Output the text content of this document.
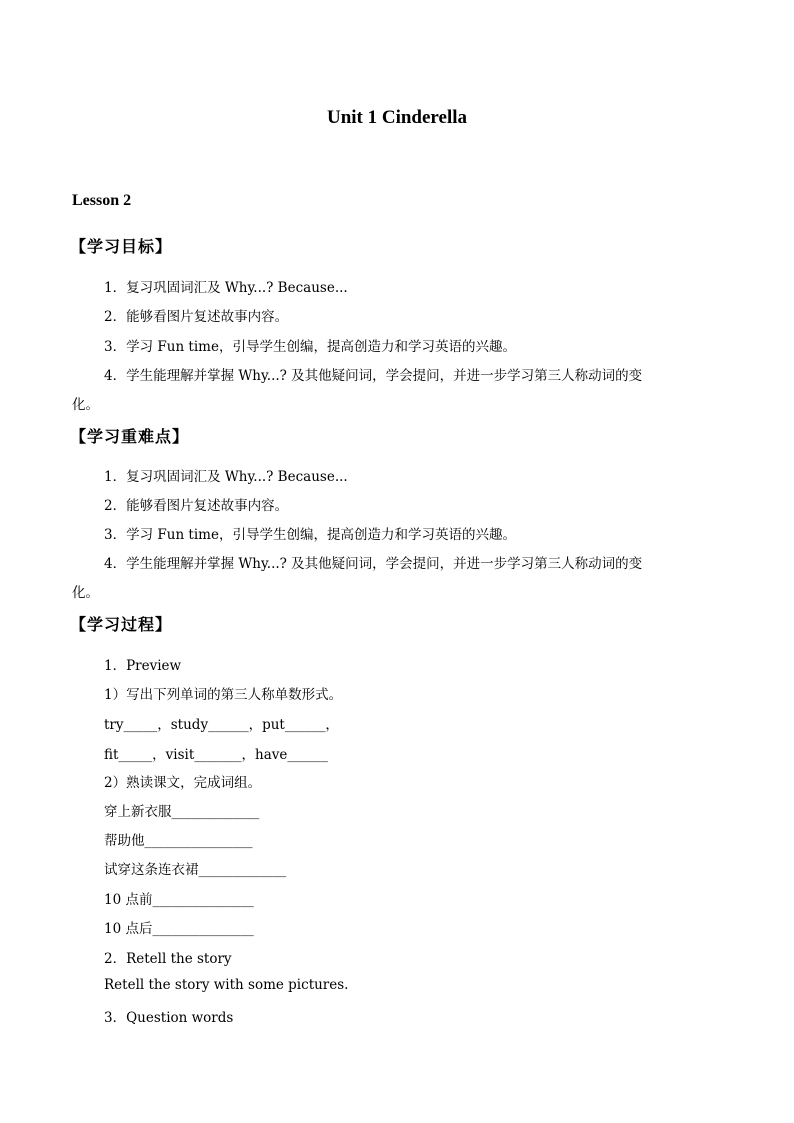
Unit 1 Cinderella
Lesson 2
【学习目标】
1．复习巩固词汇及 Why...? Because...
2．能够看图片复述故事内容。
3．学习 Fun time，引导学生创编，提高创造力和学习英语的兴趣。
4．学生能理解并掌握 Why...? 及其他疑问词，学会提问，并进一步学习第三人称动词的变
化。
【学习重难点】
1．复习巩固词汇及 Why...? Because...
2．能够看图片复述故事内容。
3．学习 Fun time，引导学生创编，提高创造力和学习英语的兴趣。
4．学生能理解并掌握 Why...? 及其他疑问词，学会提问，并进一步学习第三人称动词的变
化。
【学习过程】
1．Preview
1）写出下列单词的第三人称单数形式。
try_____，study______，put______，
fit_____，visit_______，have______
2）熟读课文，完成词组。
穿上新衣服_____________
帮助他________________
试穿这条连衣裙_____________
10 点前_______________
10 点后_______________
2．Retell the story
Retell the story with some pictures.
3．Question words
